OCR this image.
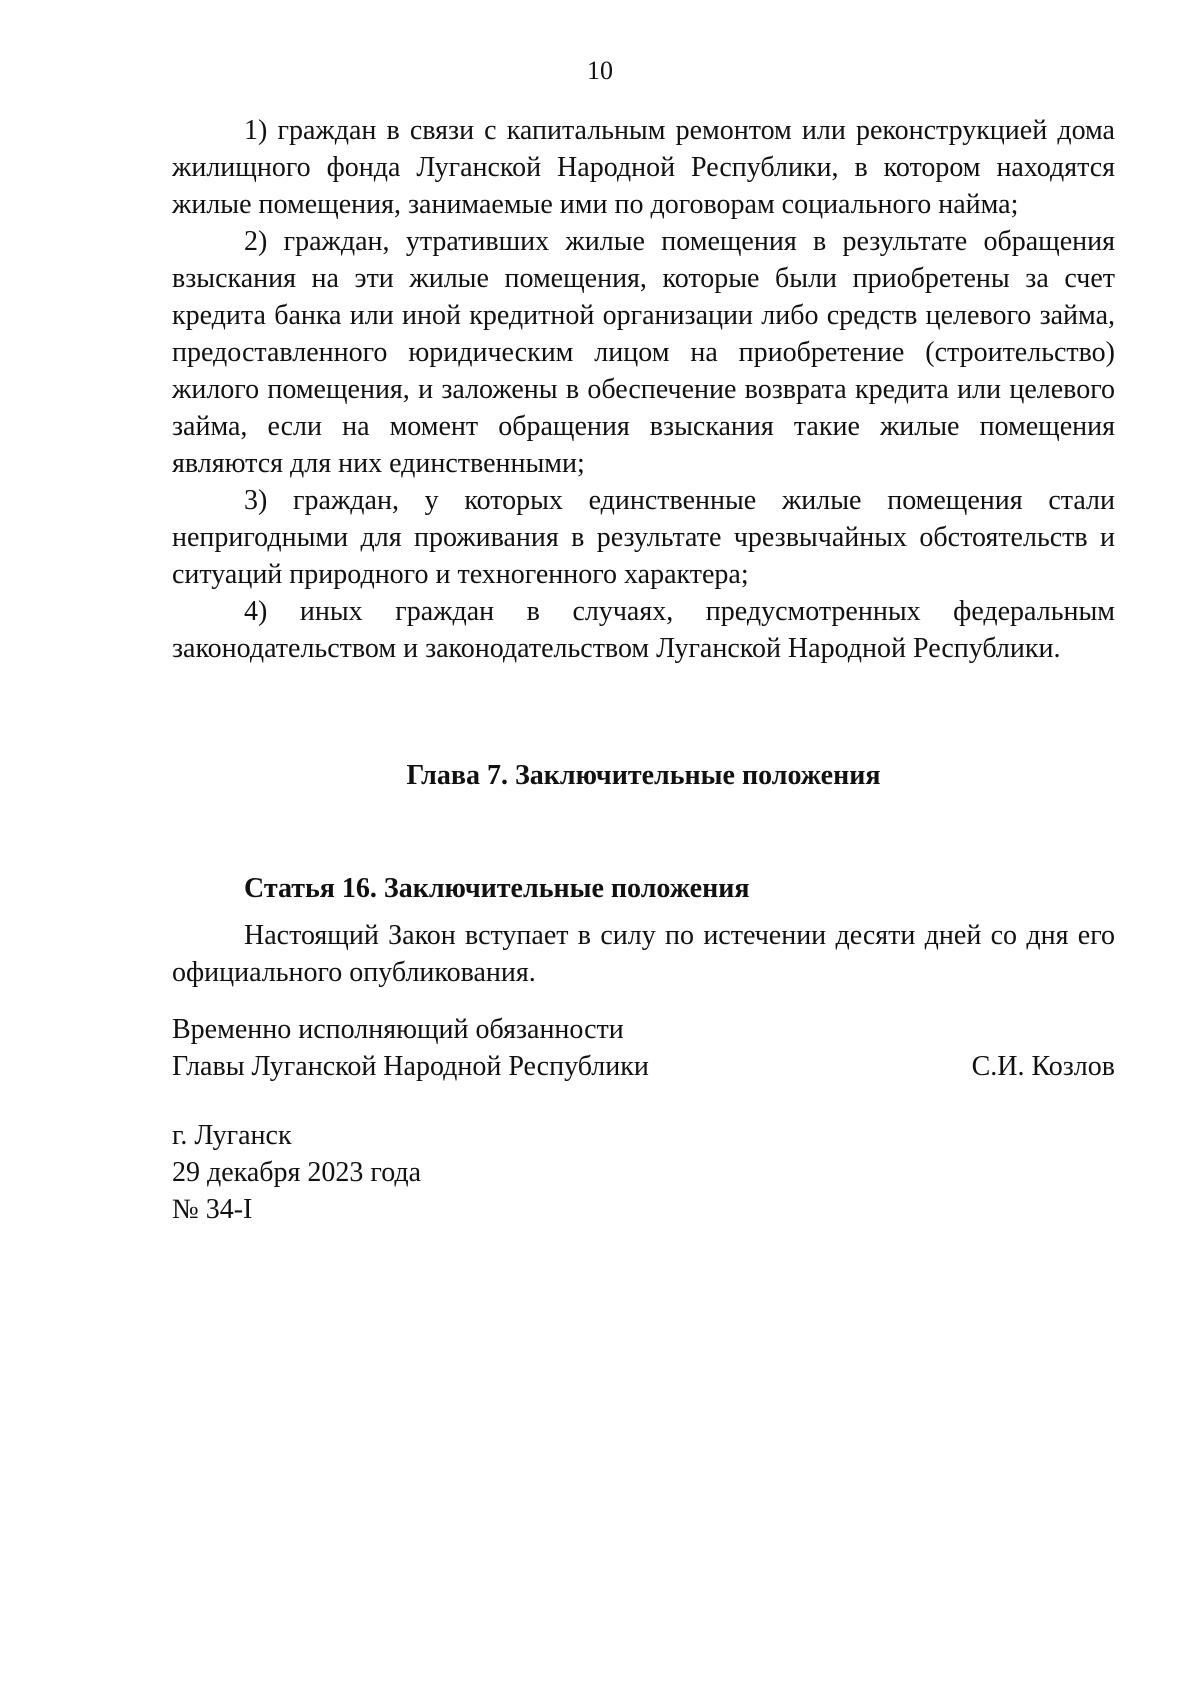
10

1) граждан в связи с капитальным ремонтом или реконструкцией дома жилищного фонда Луганской Народной Республики, в котором находятся жилые помещения, занимаемые ими по договорам социального найма;

2) граждан, утративших жилые помещения в результате обращения взыскания на эти жилые помещения, которые были приобретены за счет кредита банка или иной кредитной организации либо средств целевого займа, предоставленного юридическим лицом на приобретение (строительство) жилого помещения, и заложены в обеспечение возврата кредита или целевого займа, если на момент обращения взыскания такие жилые помещения являются для них единственными;

3) граждан, у которых единственные жилые помещения стали непригодными для проживания в результате чрезвычайных обстоятельств и ситуаций природного и техногенного характера;

4) иных граждан в случаях, предусмотренных федеральным законодательством и законодательством Луганской Народной Республики.

Глава 7. Заключительные положения

Статья 16. Заключительные положения

Настоящий Закон вступает в силу по истечении десяти дней со дня его официального опубликования.

Временно исполняющий обязанности
Главы Луганской Народной Республики	С.И. Козлов
г. Луганск
29 декабря 2023 года
№ 34-I
